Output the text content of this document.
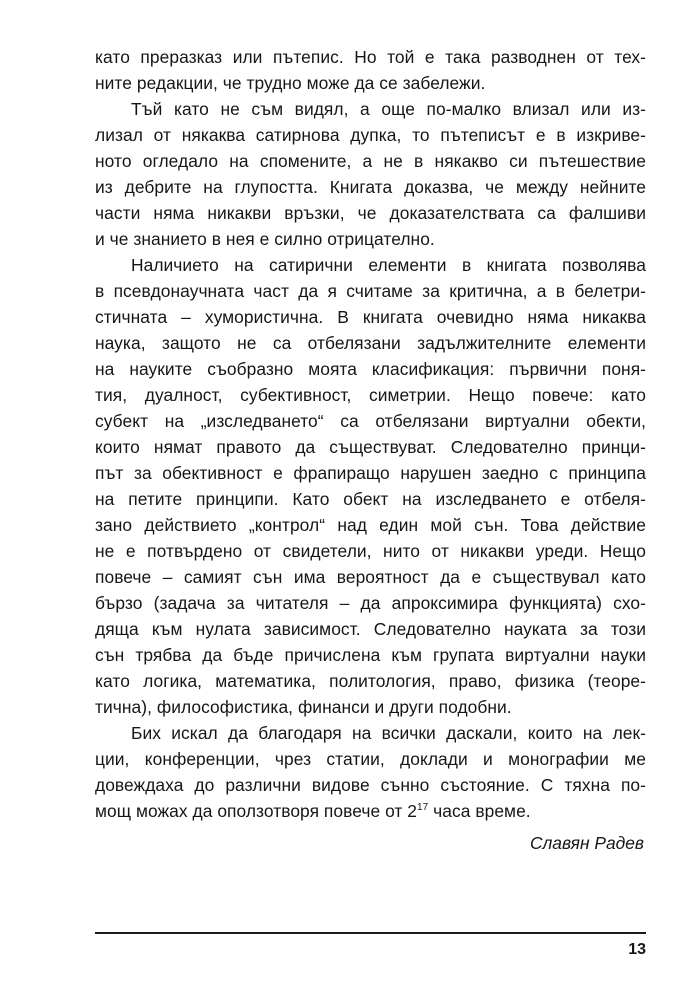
като преразказ или пътепис. Но той е така разводнен от тех-
ните редакции, че трудно може да се забележи.
Тъй като не съм видял, а още по-малко влизал или из-
лизал от някаква сатирнова дупка, то пътеписът е в изкриве-
ното огледало на спомените, а не в някакво си пътешествие
из дебрите на глупостта. Книгата доказва, че между нейните
части няма никакви връзки, че доказателствата са фалшиви
и че знанието в нея е силно отрицателно.
Наличието на сатирични елементи в книгата позволява
в псевдонаучната част да я считаме за критична, а в белетри-
стичната – хумористична. В книгата очевидно няма никаква
наука, защото не са отбелязани задължителните елементи
на науките съобразно моята класификация: първични поня-
тия, дуалност, субективност, симетрии. Нещо повече: като
субект на „изследването“ са отбелязани виртуални обекти,
които нямат правото да съществуват. Следователно принци-
път за обективност е фрапиращо нарушен заедно с принципа
на петите принципи. Като обект на изследването е отбеля-
зано действието „контрол“ над един мой сън. Това действие
не е потвърдено от свидетели, нито от никакви уреди. Нещо
повече – самият сън има вероятност да е съществувал като
бързо (задача за читателя – да апроксимира функцията) схо-
дяща към нулата зависимост. Следователно науката за този
сън трябва да бъде причислена към групата виртуални науки
като логика, математика, политология, право, физика (теоре-
тична), философистика, финанси и други подобни.
Бих искал да благодаря на всички даскали, които на лек-
ции, конференции, чрез статии, доклади и монографии ме
довеждаха до различни видове сънно състояние. С тяхна по-
мощ можах да оползотворя повече от $2^{17}$ часа време.
Славян Радев
13
